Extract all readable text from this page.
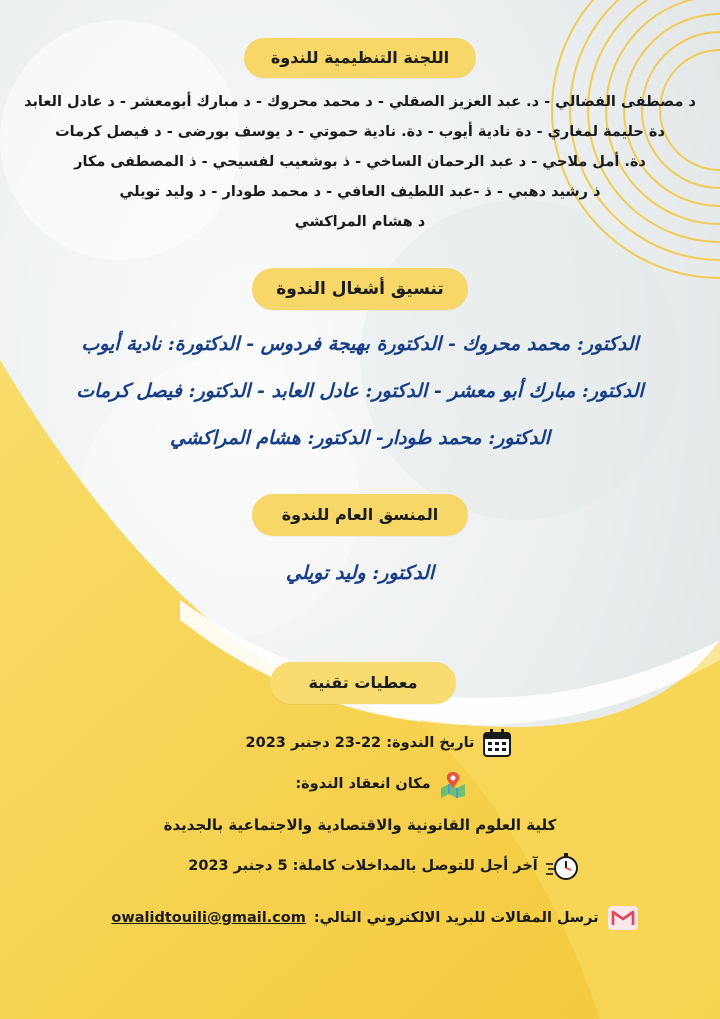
اللجنة التنظيمية للندوة
د مصطفى الفضالي - د. عبد العزيز الصقلي - د محمد محروك - د مبارك أبومعشر - د عادل العابد
دة حليمة لمغاري - دة نادية أيوب - دة. نادية حموتي - د يوسف بورضى - د فيصل كرمات
دة. أمل ملاحي - د عبد الرحمان الساخي - ذ بوشعيب لفسيحي - ذ المصطفى مكار
ذ رشيد دهبي - ذ -عبد اللطيف العافي - د محمد طودار - د وليد تويلي
د هشام المراكشي
تنسيق أشغال الندوة
الدكتور: محمد محروك - الدكتورة بهيجة فردوس - الدكتورة: نادية أيوب
الدكتور: مبارك أبو معشر - الدكتور: عادل العابد - الدكتور: فيصل كرمات
الدكتور: محمد طودار- الدكتور: هشام المراكشي
المنسق العام للندوة
الدكتور: وليد تويلي
معطيات تقنية
تاريخ الندوة: 22-23 دجنبر 2023
مكان انعقاد الندوة:
كلية العلوم القانونية والاقتصادية والاجتماعية بالجديدة
آخر أجل للتوصل بالمداخلات كاملة: 5 دجنبر 2023
ترسل المقالات للبريد الالكتروني التالي:
owalidtouili@gmail.com
